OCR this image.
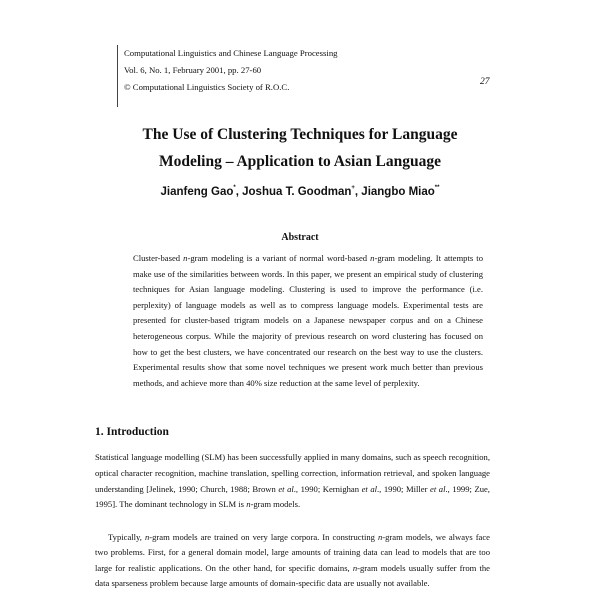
Computational Linguistics and Chinese Language Processing
Vol. 6, No. 1, February 2001, pp. 27-60
© Computational Linguistics Society of R.O.C.	27
The Use of Clustering Techniques for Language
Modeling – Application to Asian Language
Jianfeng Gao*, Joshua T. Goodman+, Jiangbo Miao**
Abstract
Cluster-based n-gram modeling is a variant of normal word-based n-gram modeling. It attempts to make use of the similarities between words. In this paper, we present an empirical study of clustering techniques for Asian language modeling. Clustering is used to improve the performance (i.e. perplexity) of language models as well as to compress language models. Experimental tests are presented for cluster-based trigram models on a Japanese newspaper corpus and on a Chinese heterogeneous corpus. While the majority of previous research on word clustering has focused on how to get the best clusters, we have concentrated our research on the best way to use the clusters. Experimental results show that some novel techniques we present work much better than previous methods, and achieve more than 40% size reduction at the same level of perplexity.
1. Introduction
Statistical language modelling (SLM) has been successfully applied in many domains, such as speech recognition, optical character recognition, machine translation, spelling correction, information retrieval, and spoken language understanding [Jelinek, 1990; Church, 1988; Brown et al., 1990; Kernighan et al., 1990; Miller et al., 1999; Zue, 1995]. The dominant technology in SLM is n-gram models.
Typically, n-gram models are trained on very large corpora. In constructing n-gram models, we always face two problems. First, for a general domain model, large amounts of training data can lead to models that are too large for realistic applications. On the other hand, for specific domains, n-gram models usually suffer from the data sparseness problem because large amounts of domain-specific data are usually not available.
